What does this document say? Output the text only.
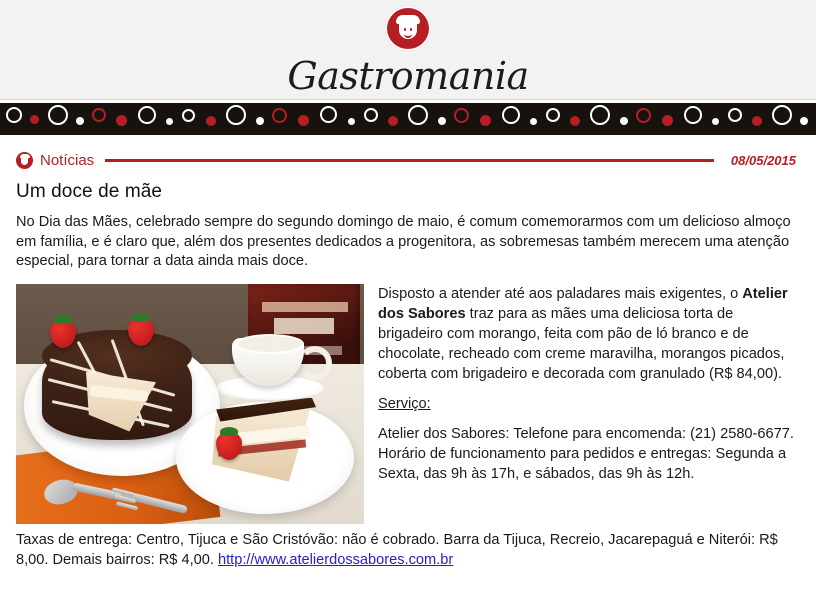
Gastromania
Notícias	08/05/2015
Um doce de mãe

No Dia das Mães, celebrado sempre do segundo domingo de maio, é comum comemorarmos com um delicioso almoço em família, e é claro que, além dos presentes dedicados a progenitora, as sobremesas também merecem uma atenção especial, para tornar a data ainda mais doce.

Disposto a atender até aos paladares mais exigentes, o Atelier dos Sabores traz para as mães uma deliciosa torta de brigadeiro com morango, feita com pão de ló branco e de chocolate, recheado com creme maravilha, morangos picados, coberta com brigadeiro e decorada com granulado (R$ 84,00).

Serviço:

Atelier dos Sabores: Telefone para encomenda: (21) 2580-6677. Horário de funcionamento para pedidos e entregas: Segunda a Sexta, das 9h às 17h, e sábados, das 9h às 12h.

Taxas de entrega: Centro, Tijuca e São Cristóvão: não é cobrado. Barra da Tijuca, Recreio, Jacarepaguá e Niterói: R$ 8,00. Demais bairros: R$ 4,00. http://www.atelierdossabores.com.br
